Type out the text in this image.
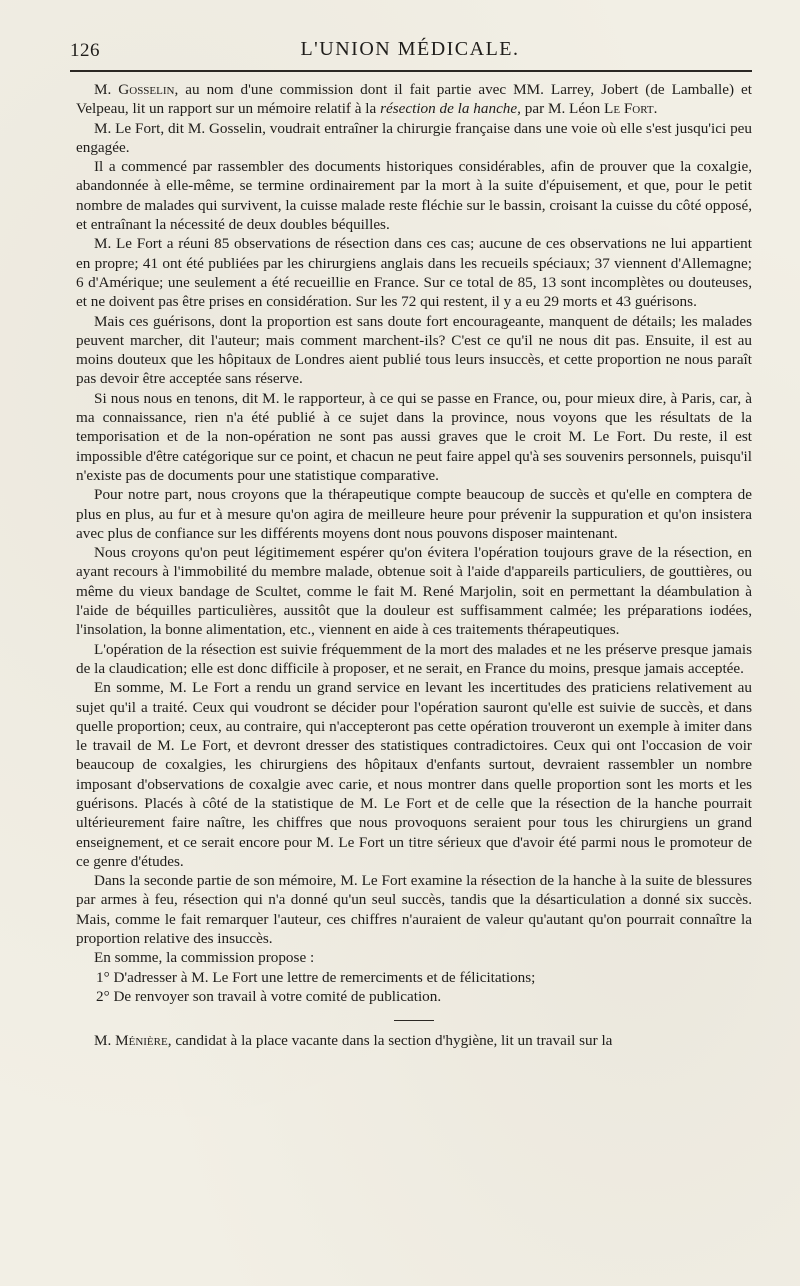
126	L'UNION MÉDICALE.

M. Gosselin, au nom d'une commission dont il fait partie avec MM. Larrey, Jobert (de Lamballe) et Velpeau, lit un rapport sur un mémoire relatif à la résection de la hanche, par M. Léon Le Fort.

M. Le Fort, dit M. Gosselin, voudrait entraîner la chirurgie française dans une voie où elle s'est jusqu'ici peu engagée.

Il a commencé par rassembler des documents historiques considérables, afin de prouver que la coxalgie, abandonnée à elle-même, se termine ordinairement par la mort à la suite d'épuisement, et que, pour le petit nombre de malades qui survivent, la cuisse malade reste fléchie sur le bassin, croisant la cuisse du côté opposé, et entraînant la nécessité de deux doubles béquilles.

M. Le Fort a réuni 85 observations de résection dans ces cas; aucune de ces observations ne lui appartient en propre; 41 ont été publiées par les chirurgiens anglais dans les recueils spéciaux; 37 viennent d'Allemagne; 6 d'Amérique; une seulement a été recueillie en France. Sur ce total de 85, 13 sont incomplètes ou douteuses, et ne doivent pas être prises en considération. Sur les 72 qui restent, il y a eu 29 morts et 43 guérisons.

Mais ces guérisons, dont la proportion est sans doute fort encourageante, manquent de détails; les malades peuvent marcher, dit l'auteur; mais comment marchent-ils? C'est ce qu'il ne nous dit pas. Ensuite, il est au moins douteux que les hôpitaux de Londres aient publié tous leurs insuccès, et cette proportion ne nous paraît pas devoir être acceptée sans réserve.

Si nous nous en tenons, dit M. le rapporteur, à ce qui se passe en France, ou, pour mieux dire, à Paris, car, à ma connaissance, rien n'a été publié à ce sujet dans la province, nous voyons que les résultats de la temporisation et de la non-opération ne sont pas aussi graves que le croit M. Le Fort. Du reste, il est impossible d'être catégorique sur ce point, et chacun ne peut faire appel qu'à ses souvenirs personnels, puisqu'il n'existe pas de documents pour une statistique comparative.

Pour notre part, nous croyons que la thérapeutique compte beaucoup de succès et qu'elle en comptera de plus en plus, au fur et à mesure qu'on agira de meilleure heure pour prévenir la suppuration et qu'on insistera avec plus de confiance sur les différents moyens dont nous pouvons disposer maintenant.

Nous croyons qu'on peut légitimement espérer qu'on évitera l'opération toujours grave de la résection, en ayant recours à l'immobilité du membre malade, obtenue soit à l'aide d'appareils particuliers, de gouttières, ou même du vieux bandage de Scultet, comme le fait M. René Marjolin, soit en permettant la déambulation à l'aide de béquilles particulières, aussitôt que la douleur est suffisamment calmée; les préparations iodées, l'insolation, la bonne alimentation, etc., viennent en aide à ces traitements thérapeutiques.

L'opération de la résection est suivie fréquemment de la mort des malades et ne les préserve presque jamais de la claudication; elle est donc difficile à proposer, et ne serait, en France du moins, presque jamais acceptée.

En somme, M. Le Fort a rendu un grand service en levant les incertitudes des praticiens relativement au sujet qu'il a traité. Ceux qui voudront se décider pour l'opération sauront qu'elle est suivie de succès, et dans quelle proportion; ceux, au contraire, qui n'accepteront pas cette opération trouveront un exemple à imiter dans le travail de M. Le Fort, et devront dresser des statistiques contradictoires. Ceux qui ont l'occasion de voir beaucoup de coxalgies, les chirurgiens des hôpitaux d'enfants surtout, devraient rassembler un nombre imposant d'observations de coxalgie avec carie, et nous montrer dans quelle proportion sont les morts et les guérisons. Placés à côté de la statistique de M. Le Fort et de celle que la résection de la hanche pourrait ultérieurement faire naître, les chiffres que nous provoquons seraient pour tous les chirurgiens un grand enseignement, et ce serait encore pour M. Le Fort un titre sérieux que d'avoir été parmi nous le promoteur de ce genre d'études.

Dans la seconde partie de son mémoire, M. Le Fort examine la résection de la hanche à la suite de blessures par armes à feu, résection qui n'a donné qu'un seul succès, tandis que la désarticulation a donné six succès. Mais, comme le fait remarquer l'auteur, ces chiffres n'auraient de valeur qu'autant qu'on pourrait connaître la proportion relative des insuccès.

En somme, la commission propose :

1° D'adresser à M. Le Fort une lettre de remerciments et de félicitations;

2° De renvoyer son travail à votre comité de publication.

M. Ménière, candidat à la place vacante dans la section d'hygiène, lit un travail sur la
